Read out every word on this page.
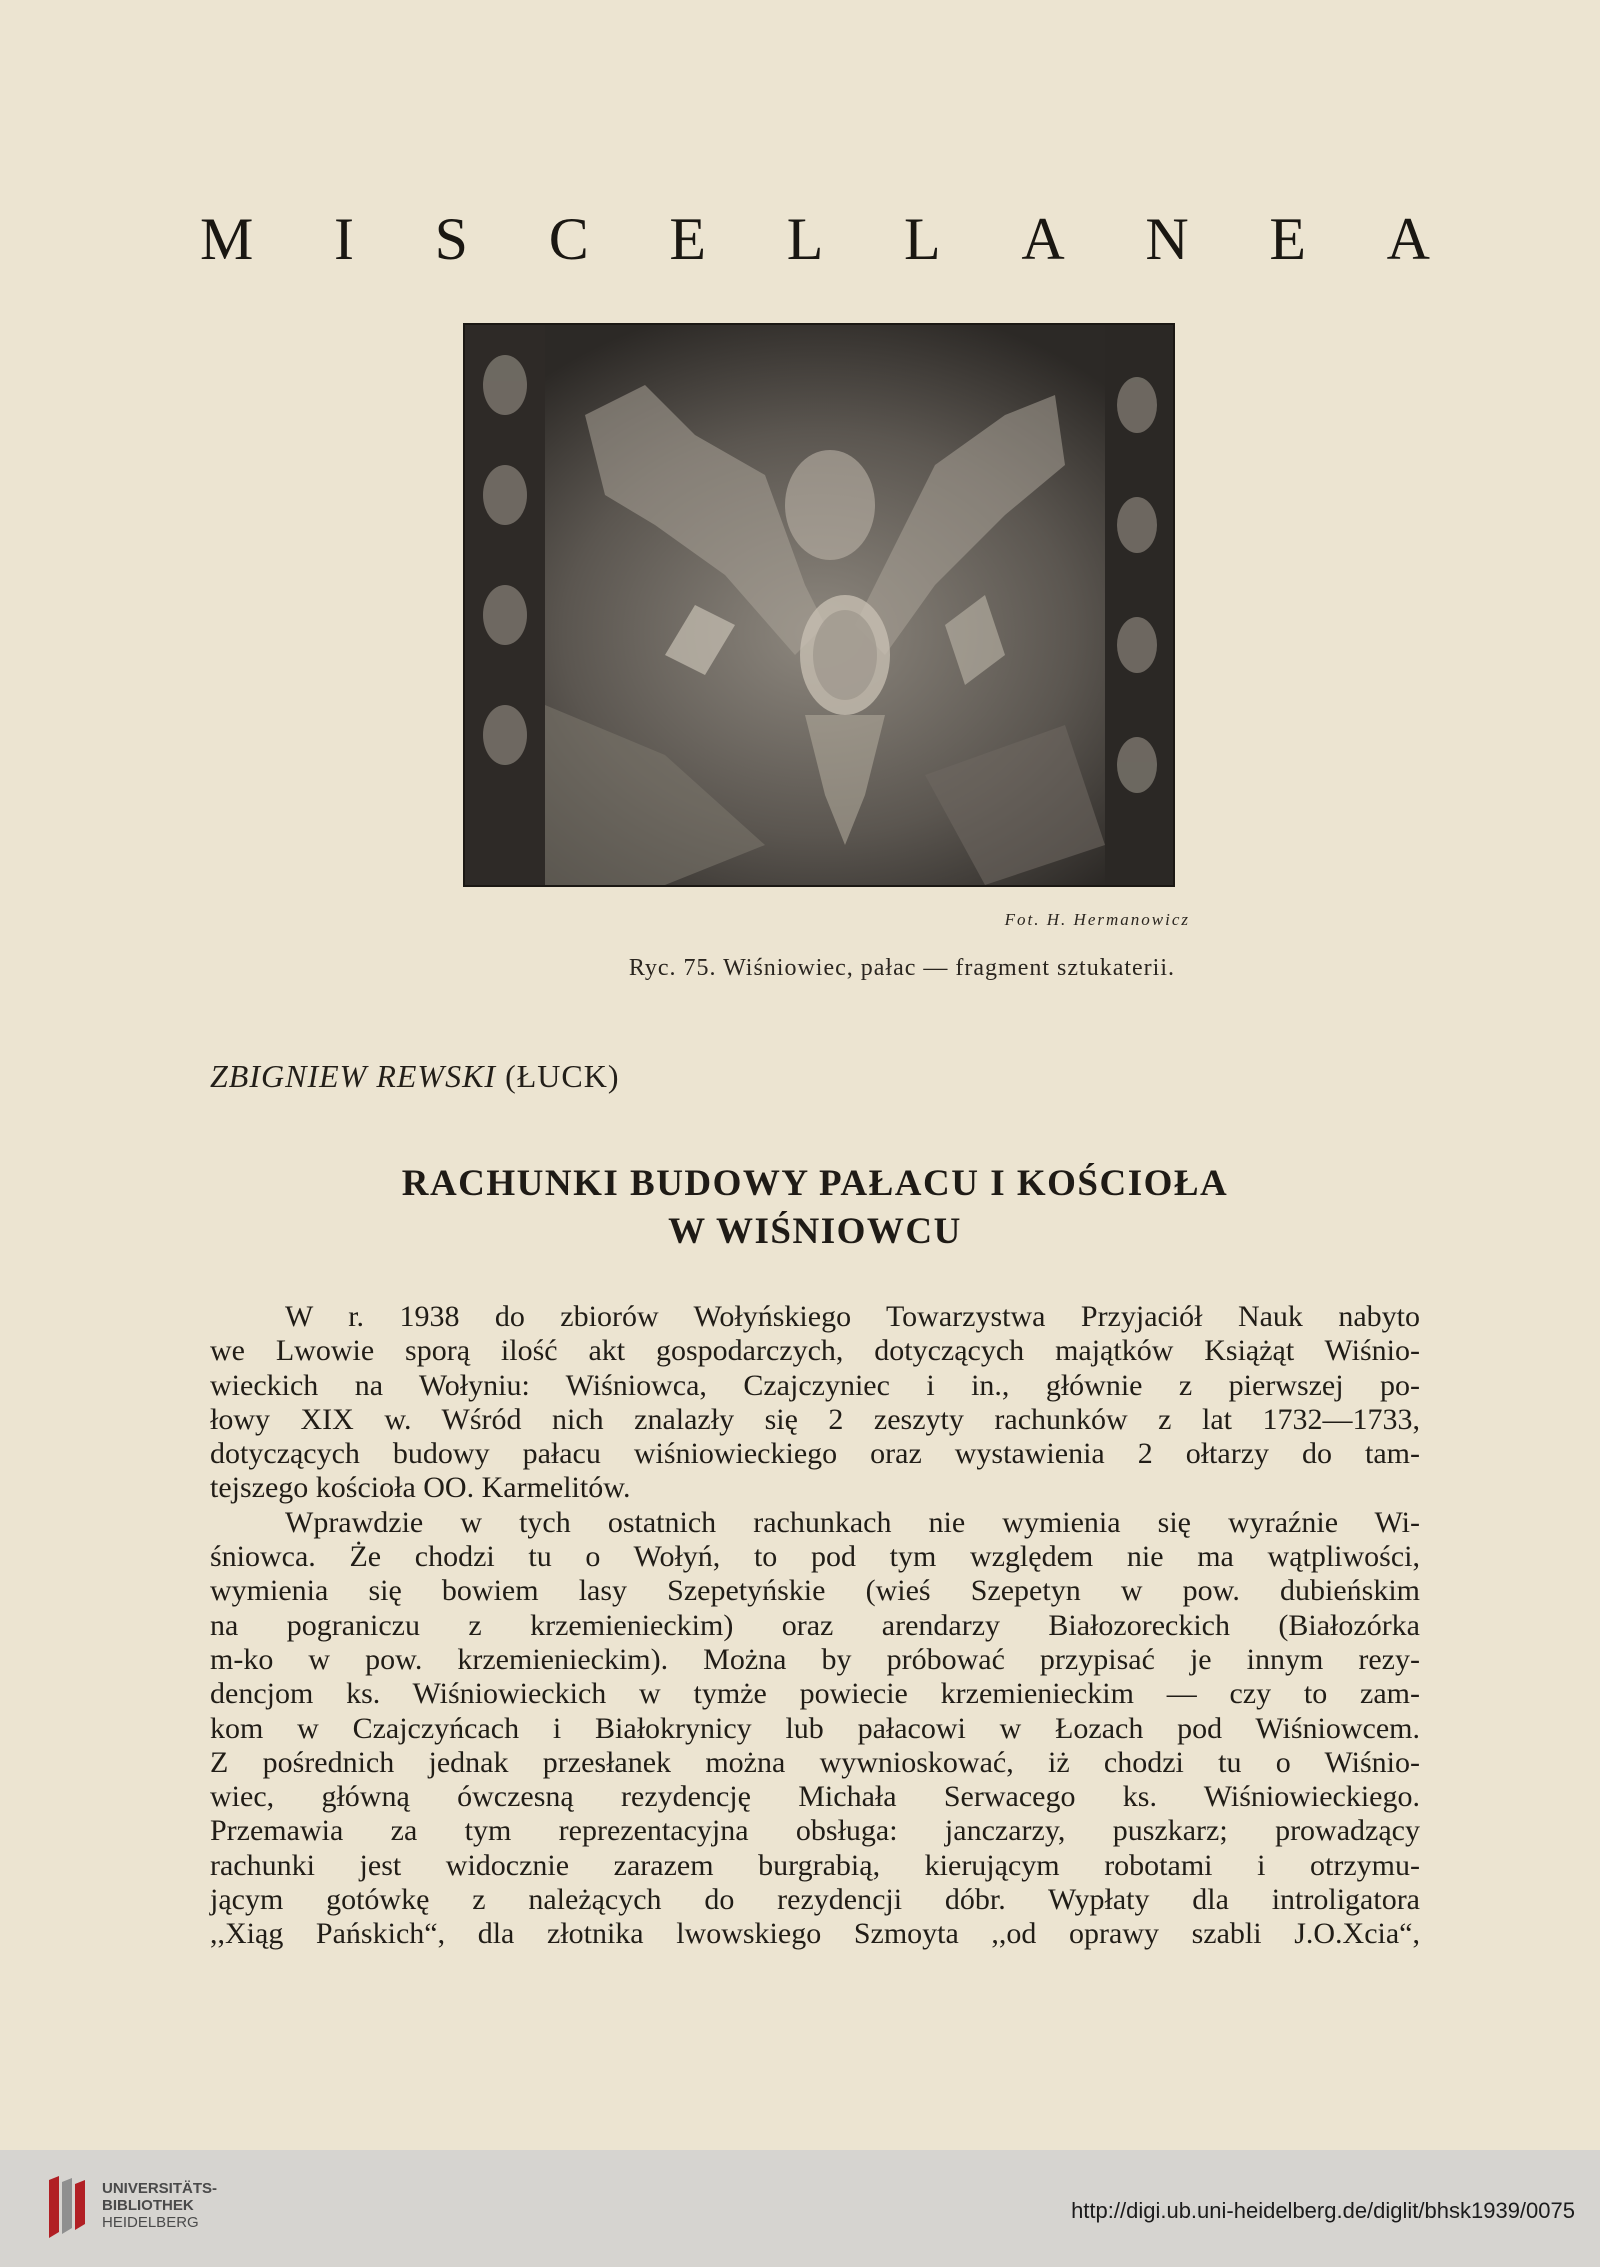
M I S C E L L A N E A
Fot. H. Hermanowicz
Ryc. 75. Wiśniowiec, pałac — fragment sztukaterii.
ZBIGNIEW REWSKI (ŁUCK)
RACHUNKI BUDOWY PAŁACU I KOŚCIOŁA
W WIŚNIOWCU
W r. 1938 do zbiorów Wołyńskiego Towarzystwa Przyjaciół Nauk nabyto
we Lwowie sporą ilość akt gospodarczych, dotyczących majątków Książąt Wiśnio-
wieckich na Wołyniu: Wiśniowca, Czajczyniec i in., głównie z pierwszej po-
łowy XIX w. Wśród nich znalazły się 2 zeszyty rachunków z lat 1732—1733,
dotyczących budowy pałacu wiśniowieckiego oraz wystawienia 2 ołtarzy do tam-
tejszego kościoła OO. Karmelitów.
Wprawdzie w tych ostatnich rachunkach nie wymienia się wyraźnie Wi-
śniowca. Że chodzi tu o Wołyń, to pod tym względem nie ma wątpliwości,
wymienia się bowiem lasy Szepetyńskie (wieś Szepetyn w pow. dubieńskim
na pograniczu z krzemienieckim) oraz arendarzy Białozoreckich (Białozórka
m-ko w pow. krzemienieckim). Można by próbować przypisać je innym rezy-
dencjom ks. Wiśniowieckich w tymże powiecie krzemienieckim — czy to zam-
kom w Czajczyńcach i Białokrynicy lub pałacowi w Łozach pod Wiśniowcem.
Z pośrednich jednak przesłanek można wywnioskować, iż chodzi tu o Wiśnio-
wiec, główną ówczesną rezydencję Michała Serwacego ks. Wiśniowieckiego.
Przemawia za tym reprezentacyjna obsługa: janczarzy, puszkarz; prowadzący
rachunki jest widocznie zarazem burgrabią, kierującym robotami i otrzymu-
jącym gotówkę z należących do rezydencji dóbr. Wypłaty dla introligatora
,,Xiąg Pańskich“, dla złotnika lwowskiego Szmoyta ,,od oprawy szabli J.O.Xcia“,
UNIVERSITÄTS-
BIBLIOTHEK
HEIDELBERG	http://digi.ub.uni-heidelberg.de/diglit/bhsk1939/0075
